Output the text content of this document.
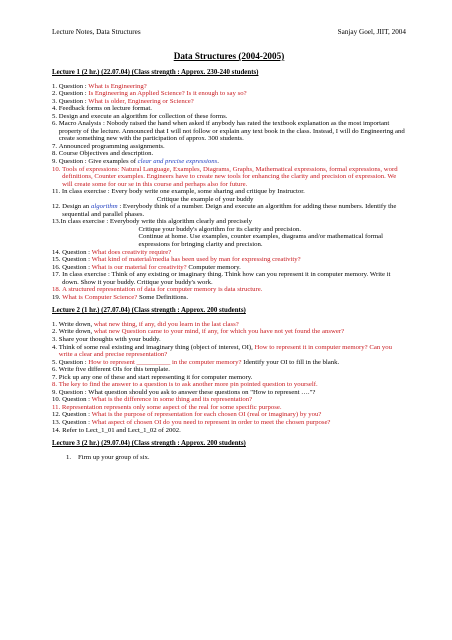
Lecture Notes, Data Structures	Sanjay Goel, JIIT, 2004
Data Structures (2004-2005)
Lecture 1 (2 hr.) (22.07.04) (Class strength : Approx. 230-240 students)
1. Question : What is Engineering?
2. Question : Is Engineering an Applied Science? Is it enough to say so?
3. Question : What is older, Engineering or Science?
4. Feedback forms on lecture format.
5. Design and execute an algorithm for collection of these forms.
6. Macro Analysis : Nobody raised the hand when asked if anybody has rated the textbook explanation as the most important property of the lecture. Announced that I will not follow or explain any text book in the class. Instead, I will do Engineering and create something new with the participation of approx. 300 students.
7. Announced programming assignments.
8. Course Objectives and description.
9. Question : Give examples of clear and precise expressions.
10. Tools of expressions: Natural Language, Examples, Diagrams, Graphs, Mathematical expressions, formal expressions, word definitions, Counter examples. Engineers have to create new tools for enhancing the clarity and precision of expression. We will create some for our se in this course and perhaps also for future.
11. In class exercise : Every body write one example, some sharing and critique by Instructor.
Critique the example of your buddy
12. Design an algorithm : Everybody think of a number. Deign and execute an algorithm for adding these numbers. Identify the sequential and parallel phases.
13. In class exercise : Everybody write this algorithm clearly and precisely
Critique your buddy's algorithm for its clarity and precision.
Continue at home. Use examples, counter examples, diagrams and/or mathematical formal expressions for bringing clarity and precision.
14. Question : What does creativity require?
15. Question : What kind of material/media has been used by man for expressing creativity?
16. Question : What is our material for creativity? Computer memory.
17. In class exercise : Think of any existing or imaginary thing. Think how can you represent it in computer memory. Write it down. Show it your buddy. Critique your buddy's work.
18. A structured representation of data for computer memory is data structure.
19. What is Computer Science? Some Definitions.
Lecture 2 (1 hr.) (27.07.04) (Class strength : Approx. 200 students)
1. Write down, what new thing, if any, did you learn in the last class?
2. Write down, what new Question came to your mind, if any, for which you have not yet found the answer?
3. Share your thoughts with your buddy.
4. Think of some real existing and imaginary thing (object of interest, OI), How to represent it in computer memory? Can you write a clear and precise representation?
5. Question : How to represent __________ in the computer memory? Identify your OI to fill in the blank.
6. Write five different OIs for this template.
7. Pick up any one of these and start representing it for computer memory.
8. The key to find the answer to a question is to ask another more pin pointed question to yourself.
9. Question : What question should you ask to answer these questions on "How to represent …."?
10. Question : What is the difference in some thing and its representation?
11. Representation represents only some aspect of the real for some specific purpose.
12. Question : What is the purpose of representation for each chosen OI (real or imaginary) by you?
13. Question : What aspect of chosen OI do you need to represent in order to meet the chosen purpose?
14. Refer to Lect_1_01 and Lect_1_02 of 2002.
Lecture 3 (2 hr.) (29.07.04) (Class strength : Approx. 200 students)
1.	Firm up your group of six.
